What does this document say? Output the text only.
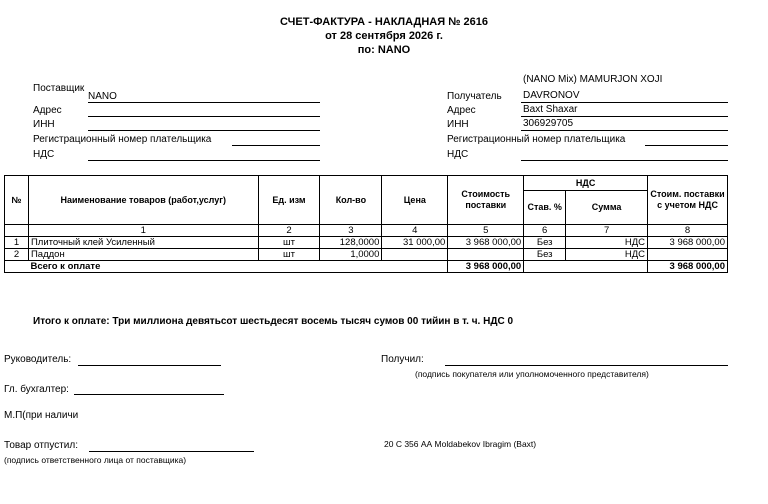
СЧЕТ-ФАКТУРА - НАКЛАДНАЯ № 2616
от 28 сентября 2026 г.
по: NANO
Поставщик
NANO
Адрес
ИНН
Регистрационный номер плательщика
НДС
(NANO Mix) MAMURJON XOJI
Получатель DAVRONOV
Адрес	Baxt Shaxar
ИНН	306929705
Регистрационный номер плательщика
НДС
№	Наименование товаров (работ,услуг)	Ед. изм	Кол-во	Цена	Стоимость поставки	НДС		Стоим. поставки с учетом НДС
						Став. %	Сумма	
	1	2	3	4	5	6	7	8
1	Плиточный клей Усиленный	шт	128,0000	31 000,00	3 968 000,00	Без	НДС	3 968 000,00
2	Паддон	шт	1,0000			Без	НДС	
	Всего к оплате				3 968 000,00			3 968 000,00
Итого к оплате: Три миллиона девятьсот шестьдесят восемь тысяч сумов 00 тийин в т. ч. НДС 0
Руководитель:
Гл. бухгалтер:
М.П(при наличи
Товар отпустил:
(подпись ответственного лица от поставщика)
Получил:
(подпись покупателя или уполномоченного представителя)
20 С 356 АА Moldabekov Ibragim (Baxt)
